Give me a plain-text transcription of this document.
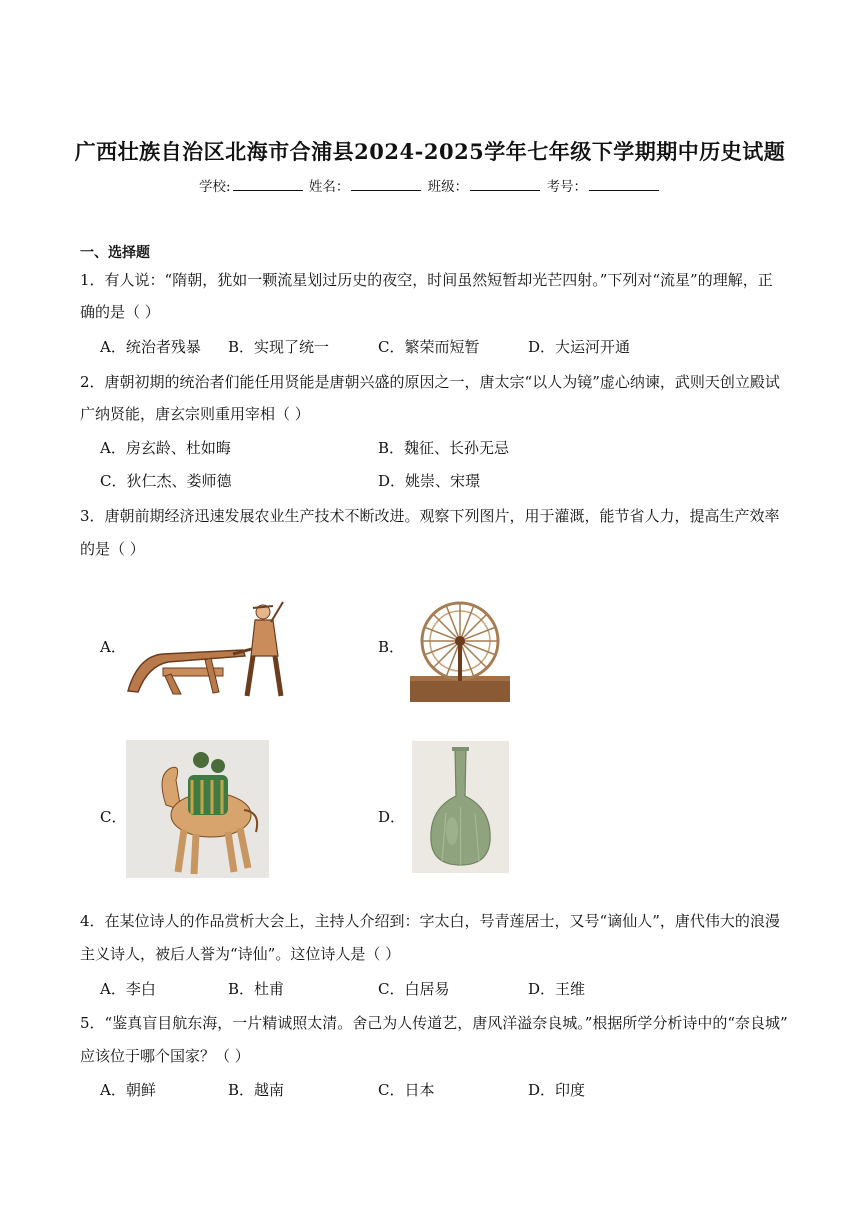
广西壮族自治区北海市合浦县2024-2025学年七年级下学期期中历史试题
学校:	姓名：	班级：	考号：
一、选择题
1．有人说：“隋朝，犹如一颗流星划过历史的夜空，时间虽然短暂却光芒四射。”下列对“流星”的理解，正
确的是（ ）
A．统治者残暴 B．实现了统一	C．繁荣而短暂	D．大运河开通
2．唐朝初期的统治者们能任用贤能是唐朝兴盛的原因之一，唐太宗“以人为镜”虚心纳谏，武则天创立殿试
广纳贤能，唐玄宗则重用宰相（ ）
A．房玄龄、杜如晦	B．魏征、长孙无忌
C．狄仁杰、娄师德	D．姚崇、宋璟
3．唐朝前期经济迅速发展农业生产技术不断改进。观察下列图片，用于灌溉，能节省人力，提高生产效率
的是（ ）
A．	B．
C．	D．
4．在某位诗人的作品赏析大会上，主持人介绍到：字太白，号青莲居士，又号“谪仙人”，唐代伟大的浪漫
主义诗人，被后人誉为“诗仙”。这位诗人是（ ）
A．李白	B．杜甫	C．白居易	D．王维
5．“鉴真盲目航东海，一片精诚照太清。舍己为人传道艺，唐风洋溢奈良城。”根据所学分析诗中的“奈良城”
应该位于哪个国家？（ ）
A．朝鲜	B．越南	C．日本	D．印度
